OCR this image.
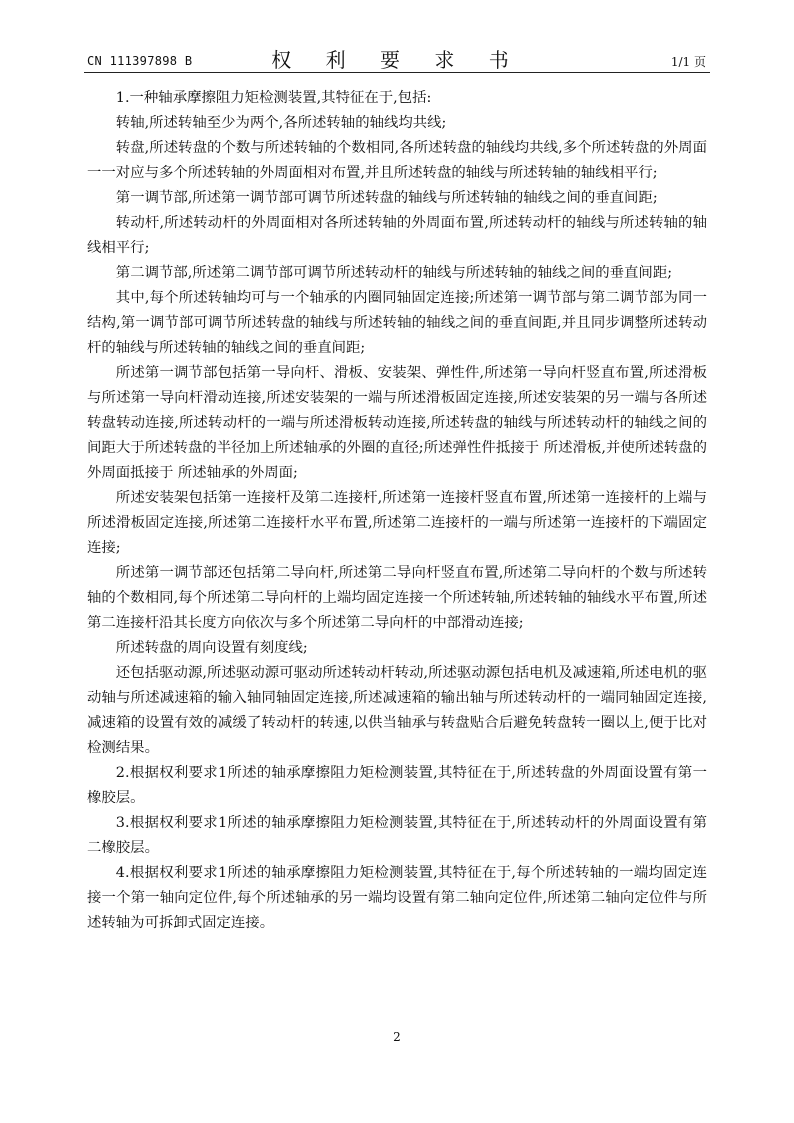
CN 111397898 B	权 利 要 求 书	1/1 页

1.一种轴承摩擦阻力矩检测装置,其特征在于,包括:

转轴,所述转轴至少为两个,各所述转轴的轴线均共线;

转盘,所述转盘的个数与所述转轴的个数相同,各所述转盘的轴线均共线,多个所述转盘的外周面一一对应与多个所述转轴的外周面相对布置,并且所述转盘的轴线与所述转轴的轴线相平行;

第一调节部,所述第一调节部可调节所述转盘的轴线与所述转轴的轴线之间的垂直间距;

转动杆,所述转动杆的外周面相对各所述转轴的外周面布置,所述转动杆的轴线与所述转轴的轴线相平行;

第二调节部,所述第二调节部可调节所述转动杆的轴线与所述转轴的轴线之间的垂直间距;

其中,每个所述转轴均可与一个轴承的内圈同轴固定连接;所述第一调节部与第二调节部为同一结构,第一调节部可调节所述转盘的轴线与所述转轴的轴线之间的垂直间距,并且同步调整所述转动杆的轴线与所述转轴的轴线之间的垂直间距;

所述第一调节部包括第一导向杆、滑板、安装架、弹性件,所述第一导向杆竖直布置,所述滑板与所述第一导向杆滑动连接,所述安装架的一端与所述滑板固定连接,所述安装架的另一端与各所述转盘转动连接,所述转动杆的一端与所述滑板转动连接,所述转盘的轴线与所述转动杆的轴线之间的间距大于所述转盘的半径加上所述轴承的外圈的直径;所述弹性件抵接于 所述滑板,并使所述转盘的外周面抵接于 所述轴承的外周面;

所述安装架包括第一连接杆及第二连接杆,所述第一连接杆竖直布置,所述第一连接杆的上端与所述滑板固定连接,所述第二连接杆水平布置,所述第二连接杆的一端与所述第一连接杆的下端固定连接;

所述第一调节部还包括第二导向杆,所述第二导向杆竖直布置,所述第二导向杆的个数与所述转轴的个数相同,每个所述第二导向杆的上端均固定连接一个所述转轴,所述转轴的轴线水平布置,所述第二连接杆沿其长度方向依次与多个所述第二导向杆的中部滑动连接;

所述转盘的周向设置有刻度线;

还包括驱动源,所述驱动源可驱动所述转动杆转动,所述驱动源包括电机及减速箱,所述电机的驱动轴与所述减速箱的输入轴同轴固定连接,所述减速箱的输出轴与所述转动杆的一端同轴固定连接,减速箱的设置有效的减缓了转动杆的转速,以供当轴承与转盘贴合后避免转盘转一圈以上,便于比对检测结果。

2.根据权利要求1所述的轴承摩擦阻力矩检测装置,其特征在于,所述转盘的外周面设置有第一橡胶层。

3.根据权利要求1所述的轴承摩擦阻力矩检测装置,其特征在于,所述转动杆的外周面设置有第二橡胶层。

4.根据权利要求1所述的轴承摩擦阻力矩检测装置,其特征在于,每个所述转轴的一端均固定连接一个第一轴向定位件,每个所述轴承的另一端均设置有第二轴向定位件,所述第二轴向定位件与所述转轴为可拆卸式固定连接。

2
